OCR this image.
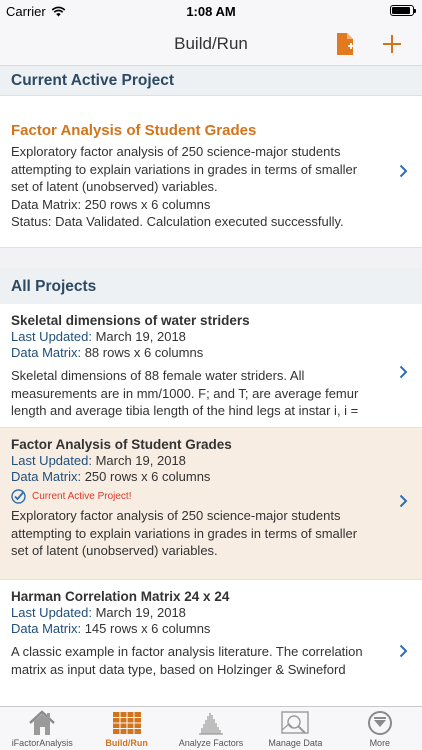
Carrier	1:08 AM
Build/Run
Current Active Project
Factor Analysis of Student Grades
Exploratory factor analysis of 250 science-major students
attempting to explain variations in grades in terms of smaller
set of latent (unobserved) variables.
Data Matrix: 250 rows x 6 columns
Status: Data Validated. Calculation executed successfully.
All Projects
Skeletal dimensions of water striders
Last Updated: March 19, 2018
Data Matrix: 88 rows x 6 columns
Skeletal dimensions of 88 female water striders. All
measurements are in mm/1000. F; and T; are average femur
length and average tibia length of the hind legs at instar i, i =
Factor Analysis of Student Grades
Last Updated: March 19, 2018
Data Matrix: 250 rows x 6 columns
Current Active Project!
Exploratory factor analysis of 250 science-major students
attempting to explain variations in grades in terms of smaller
set of latent (unobserved) variables.
Harman Correlation Matrix 24 x 24
Last Updated: March 19, 2018
Data Matrix: 145 rows x 6 columns
A classic example in factor analysis literature. The correlation
matrix as input data type, based on Holzinger & Swineford
iFactorAnalysis	Build/Run	Analyze Factors	Manage Data	More
